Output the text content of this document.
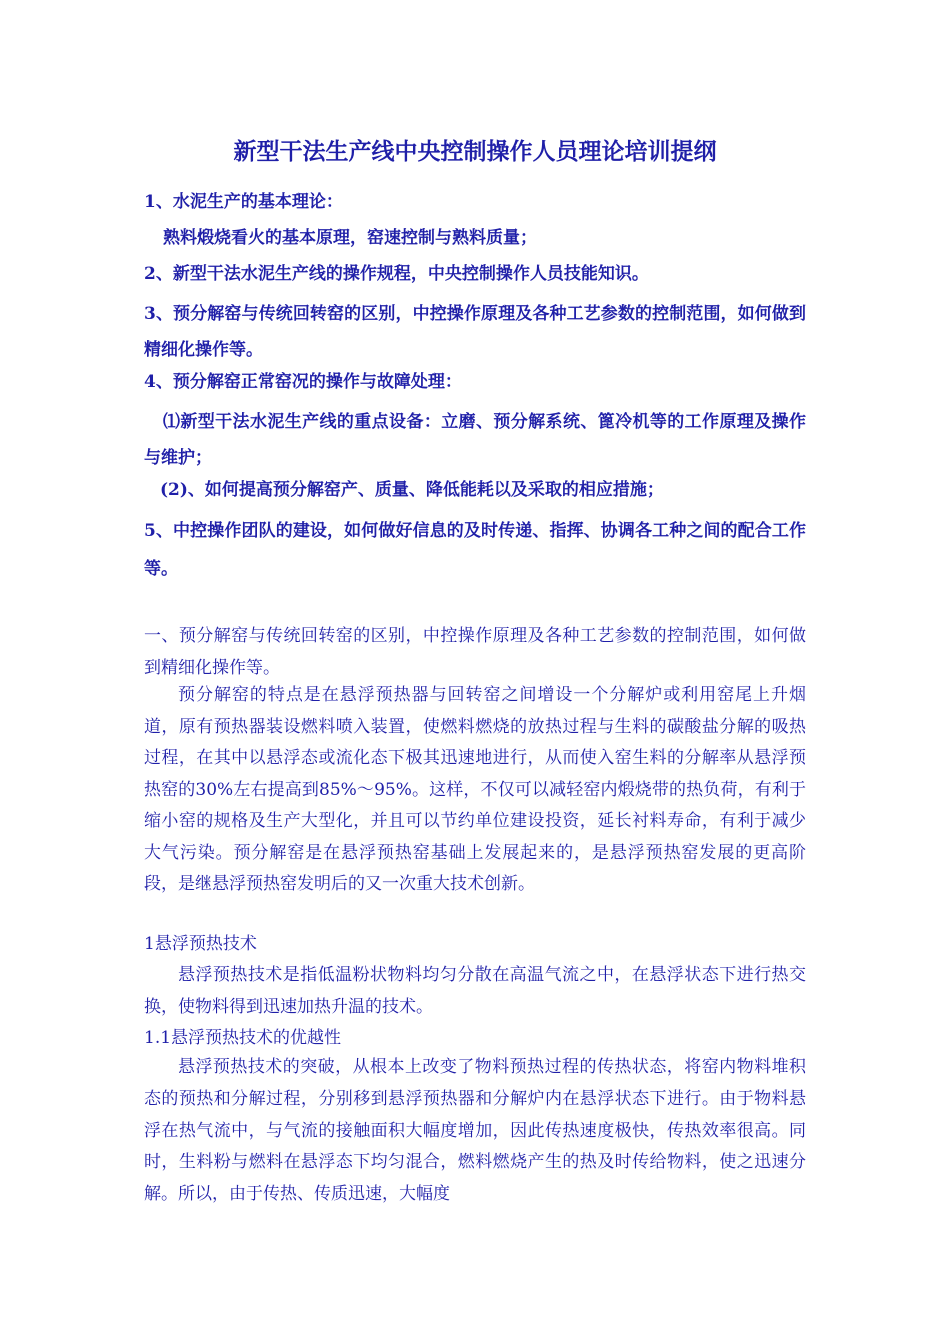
新型干法生产线中央控制操作人员理论培训提纲
1、水泥生产的基本理论：
熟料煅烧看火的基本原理，窑速控制与熟料质量；
2、新型干法水泥生产线的操作规程，中央控制操作人员技能知识。
3、预分解窑与传统回转窑的区别，中控操作原理及各种工艺参数的控制范围，如何做到精细化操作等。
4、预分解窑正常窑况的操作与故障处理：
⑴新型干法水泥生产线的重点设备：立磨、预分解系统、篦冷机等的工作原理及操作与维护；
(2)、如何提高预分解窑产、质量、降低能耗以及采取的相应措施；
5、中控操作团队的建设，如何做好信息的及时传递、指挥、协调各工种之间的配合工作等。
一、预分解窑与传统回转窑的区别，中控操作原理及各种工艺参数的控制范围，如何做到精细化操作等。
预分解窑的特点是在悬浮预热器与回转窑之间增设一个分解炉或利用窑尾上升烟道，原有预热器装设燃料喷入装置，使燃料燃烧的放热过程与生料的碳酸盐分解的吸热过程，在其中以悬浮态或流化态下极其迅速地进行，从而使入窑生料的分解率从悬浮预热窑的30%左右提高到85%～95%。这样，不仅可以减轻窑内煅烧带的热负荷，有利于缩小窑的规格及生产大型化，并且可以节约单位建设投资，延长衬料寿命，有利于减少大气污染。预分解窑是在悬浮预热窑基础上发展起来的，是悬浮预热窑发展的更高阶段，是继悬浮预热窑发明后的又一次重大技术创新。
1悬浮预热技术
悬浮预热技术是指低温粉状物料均匀分散在高温气流之中，在悬浮状态下进行热交换，使物料得到迅速加热升温的技术。
1.1悬浮预热技术的优越性
悬浮预热技术的突破，从根本上改变了物料预热过程的传热状态，将窑内物料堆积态的预热和分解过程，分别移到悬浮预热器和分解炉内在悬浮状态下进行。由于物料悬浮在热气流中，与气流的接触面积大幅度增加，因此传热速度极快，传热效率很高。同时，生料粉与燃料在悬浮态下均匀混合，燃料燃烧产生的热及时传给物料，使之迅速分解。所以，由于传热、传质迅速，大幅度
